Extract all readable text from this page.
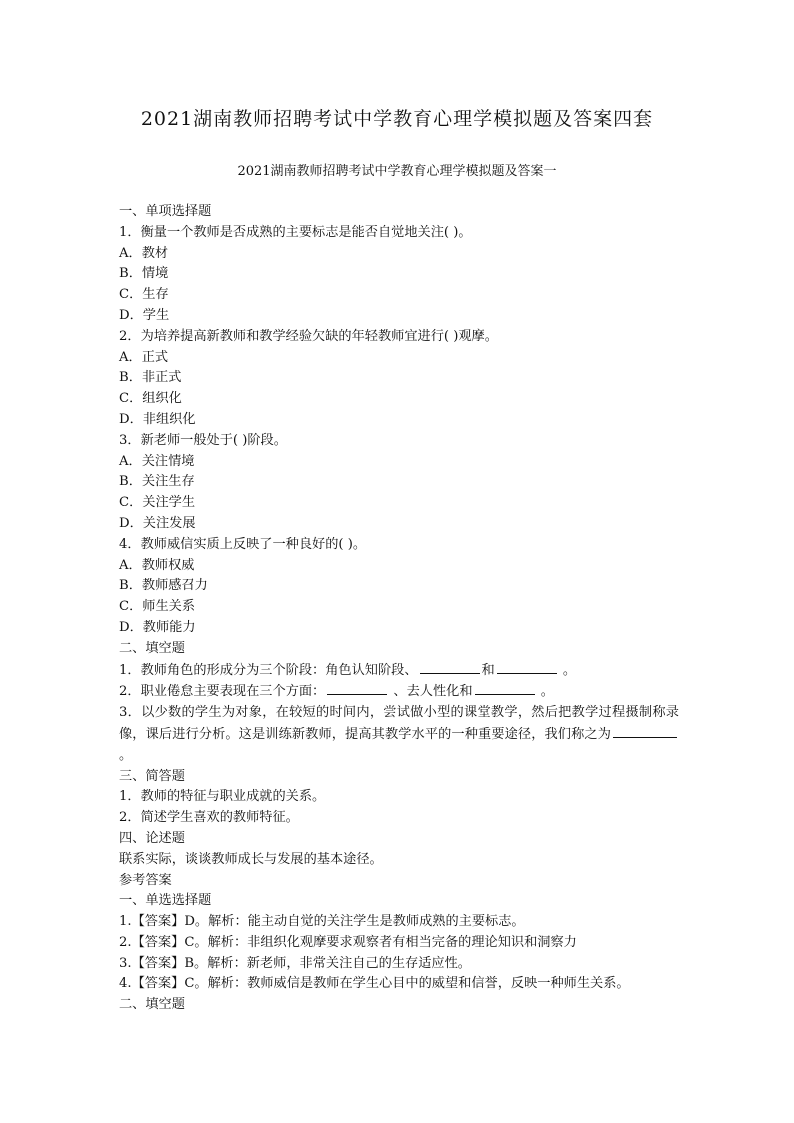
2021湖南教师招聘考试中学教育心理学模拟题及答案四套
2021湖南教师招聘考试中学教育心理学模拟题及答案一

一、单项选择题

1．衡量一个教师是否成熟的主要标志是能否自觉地关注( )。

A．教材

B．情境

C．生存

D．学生

2．为培养提高新教师和教学经验欠缺的年轻教师宜进行( )观摩。

A．正式

B．非正式

C．组织化

D．非组织化

3．新老师一般处于( )阶段。

A．关注情境

B．关注生存

C．关注学生

D．关注发展

4．教师威信实质上反映了一种良好的( )。

A．教师权威

B．教师感召力

C．师生关系

D．教师能力

二、填空题

1．教师角色的形成分为三个阶段：角色认知阶段、	和	。

2．职业倦怠主要表现在三个方面：	、去人性化和	。

3．以少数的学生为对象，在较短的时间内，尝试做小型的课堂教学，然后把教学过程摄制称录像，课后进行分析。这是训练新教师，提高其教学水平的一种重要途径，我们称之为。

三、简答题

1．教师的特征与职业成就的关系。

2．简述学生喜欢的教师特征。

四、论述题

联系实际，谈谈教师成长与发展的基本途径。

参考答案

一、单选选择题

1.【答案】D。解析：能主动自觉的关注学生是教师成熟的主要标志。

2.【答案】C。解析：非组织化观摩要求观察者有相当完备的理论知识和洞察力

3.【答案】B。解析：新老师，非常关注自己的生存适应性。

4.【答案】C。解析：教师威信是教师在学生心目中的威望和信誉，反映一种师生关系。

二、填空题
